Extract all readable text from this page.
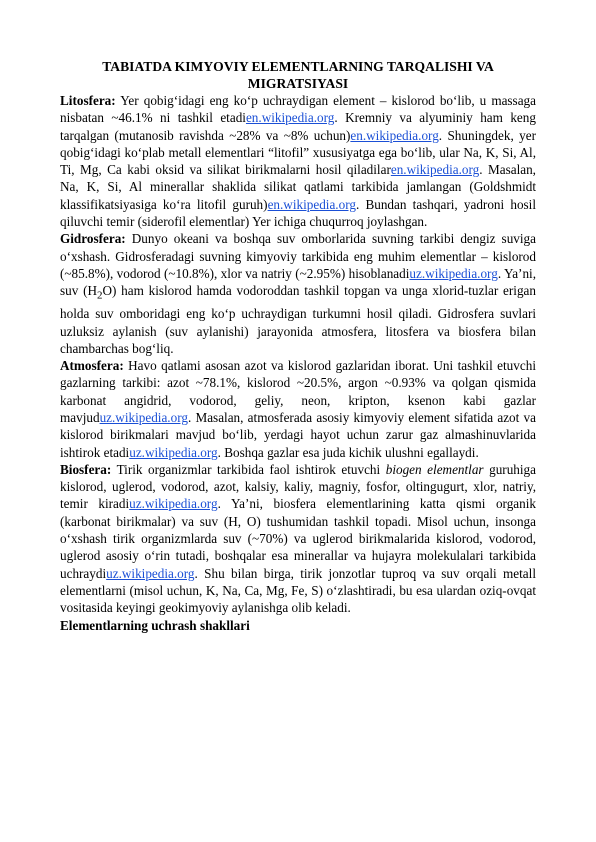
TABIATDA KIMYOVIY ELEMENTLARNING TARQALISHI VA MIGRATSIYASI

Litosfera: Yer qobig‘idagi eng ko‘p uchraydigan element – kislorod bo‘lib, u massaga nisbatan ~46.1% ni tashkil etadien.wikipedia.org. Kremniy va alyuminiy ham keng tarqalgan (mutanosib ravishda ~28% va ~8% uchun)en.wikipedia.org. Shuningdek, yer qobig‘idagi ko‘plab metall elementlari “litofil” xususiyatga ega bo‘lib, ular Na, K, Si, Al, Ti, Mg, Ca kabi oksid va silikat birikmalarni hosil qiladilaren.wikipedia.org. Masalan, Na, K, Si, Al minerallar shaklida silikat qatlami tarkibida jamlangan (Goldshmidt klassifikatsiyasiga ko‘ra litofil guruh)en.wikipedia.org. Bundan tashqari, yadroni hosil qiluvchi temir (siderofil elementlar) Yer ichiga chuqurroq joylashgan.

Gidrosfera: Dunyo okeani va boshqa suv omborlarida suvning tarkibi dengiz suviga o‘xshash. Gidrosferadagi suvning kimyoviy tarkibida eng muhim elementlar – kislorod (~85.8%), vodorod (~10.8%), xlor va natriy (~2.95%) hisoblanadiuz.wikipedia.org. Ya’ni, suv $(H_2O)$ ham kislorod hamda vodoroddan tashkil topgan va unga xlorid-tuzlar erigan holda suv omboridagi eng ko‘p uchraydigan turkumni hosil qiladi. Gidrosfera suvlari uzluksiz aylanish (suv aylanishi) jarayonida atmosfera, litosfera va biosfera bilan chambarchas bog‘liq.

Atmosfera: Havo qatlami asosan azot va kislorod gazlaridan iborat. Uni tashkil etuvchi gazlarning tarkibi: azot ~78.1%, kislorod ~20.5%, argon ~0.93% va qolgan qismida karbonat angidrid, vodorod, geliy, neon, kripton, ksenon kabi gazlar mavjuduz.wikipedia.org. Masalan, atmosferada asosiy kimyoviy element sifatida azot va kislorod birikmalari mavjud bo‘lib, yerdagi hayot uchun zarur gaz almashinuvlarida ishtirok etadiuz.wikipedia.org. Boshqa gazlar esa juda kichik ulushni egallaydi.

Biosfera: Tirik organizmlar tarkibida faol ishtirok etuvchi biogen elementlar guruhiga kislorod, uglerod, vodorod, azot, kalsiy, kaliy, magniy, fosfor, oltingugurt, xlor, natriy, temir kiradiuz.wikipedia.org. Ya’ni, biosfera elementlarining katta qismi organik (karbonat birikmalar) va suv (H, O) tushumidan tashkil topadi. Misol uchun, insonga o‘xshash tirik organizmlarda suv (~70%) va uglerod birikmalarida kislorod, vodorod, uglerod asosiy o‘rin tutadi, boshqalar esa minerallar va hujayra molekulalari tarkibida uchraydiuz.wikipedia.org. Shu bilan birga, tirik jonzotlar tuproq va suv orqali metall elementlarni (misol uchun, K, Na, Ca, Mg, Fe, S) o‘zlashtiradi, bu esa ulardan oziq-ovqat vositasida keyingi geokimyoviy aylanishga olib keladi.

Elementlarning uchrash shakllari
